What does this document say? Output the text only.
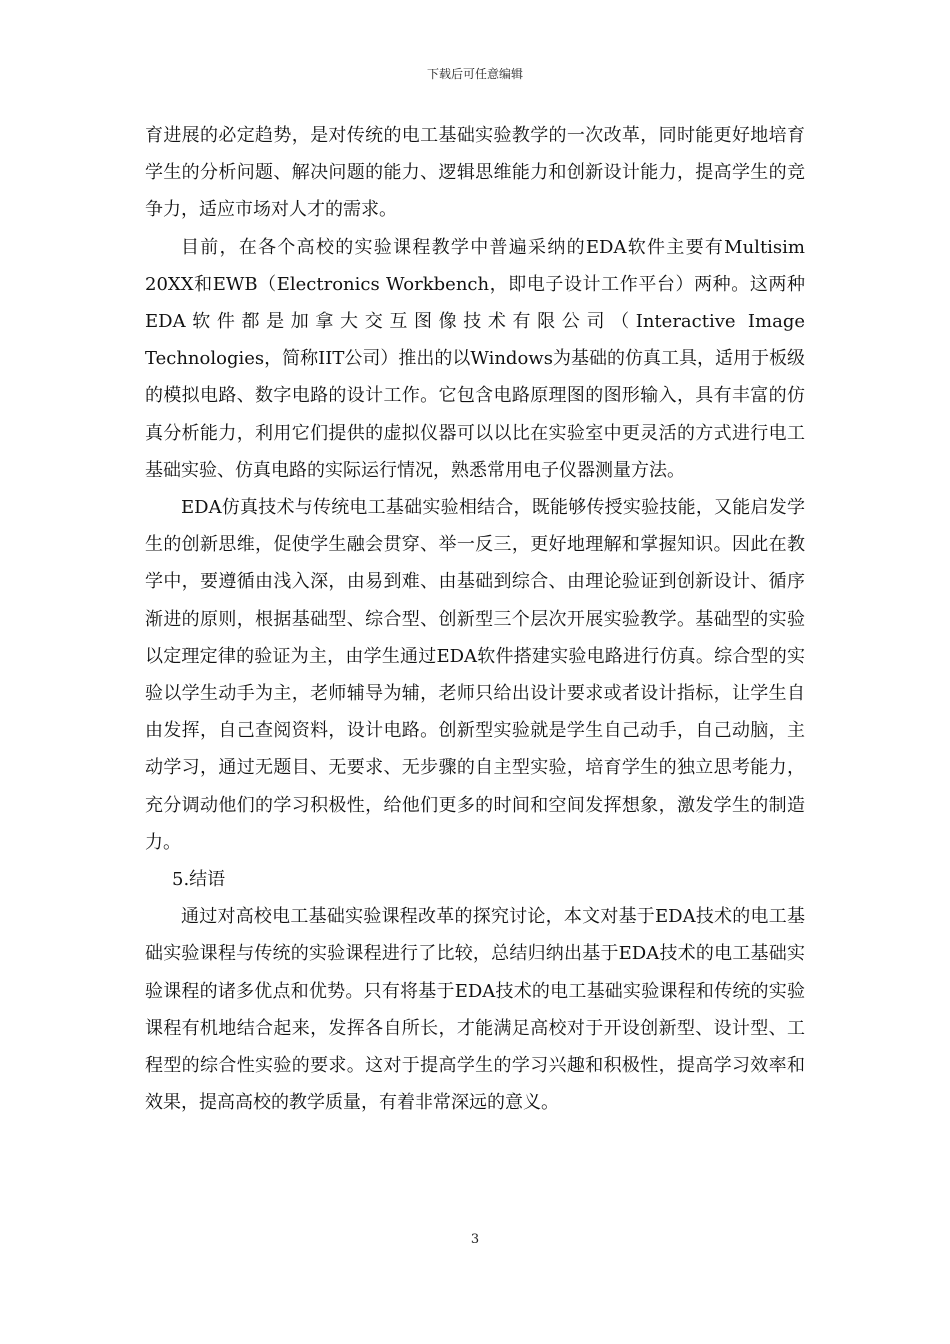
下载后可任意编辑

育进展的必定趋势，是对传统的电工基础实验教学的一次改革，同时能更好地培育学生的分析问题、解决问题的能力、逻辑思维能力和创新设计能力，提高学生的竞争力，适应市场对人才的需求。

目前，在各个高校的实验课程教学中普遍采纳的EDA软件主要有Multisim 20XX和EWB（Electronics Workbench，即电子设计工作平台）两种。这两种EDA软件都是加拿大交互图像技术有限公司（Interactive Image Technologies，简称IIT公司）推出的以Windows为基础的仿真工具，适用于板级的模拟电路、数字电路的设计工作。它包含电路原理图的图形输入，具有丰富的仿真分析能力，利用它们提供的虚拟仪器可以以比在实验室中更灵活的方式进行电工基础实验、仿真电路的实际运行情况，熟悉常用电子仪器测量方法。

EDA仿真技术与传统电工基础实验相结合，既能够传授实验技能，又能启发学生的创新思维，促使学生融会贯穿、举一反三，更好地理解和掌握知识。因此在教学中，要遵循由浅入深，由易到难、由基础到综合、由理论验证到创新设计、循序渐进的原则，根据基础型、综合型、创新型三个层次开展实验教学。基础型的实验以定理定律的验证为主，由学生通过EDA软件搭建实验电路进行仿真。综合型的实验以学生动手为主，老师辅导为辅，老师只给出设计要求或者设计指标，让学生自由发挥，自己查阅资料，设计电路。创新型实验就是学生自己动手，自己动脑，主动学习，通过无题目、无要求、无步骤的自主型实验，培育学生的独立思考能力，充分调动他们的学习积极性，给他们更多的时间和空间发挥想象，激发学生的制造力。

5.结语

通过对高校电工基础实验课程改革的探究讨论，本文对基于EDA技术的电工基础实验课程与传统的实验课程进行了比较，总结归纳出基于EDA技术的电工基础实验课程的诸多优点和优势。只有将基于EDA技术的电工基础实验课程和传统的实验课程有机地结合起来，发挥各自所长，才能满足高校对于开设创新型、设计型、工程型的综合性实验的要求。这对于提高学生的学习兴趣和积极性，提高学习效率和效果，提高高校的教学质量，有着非常深远的意义。

3
